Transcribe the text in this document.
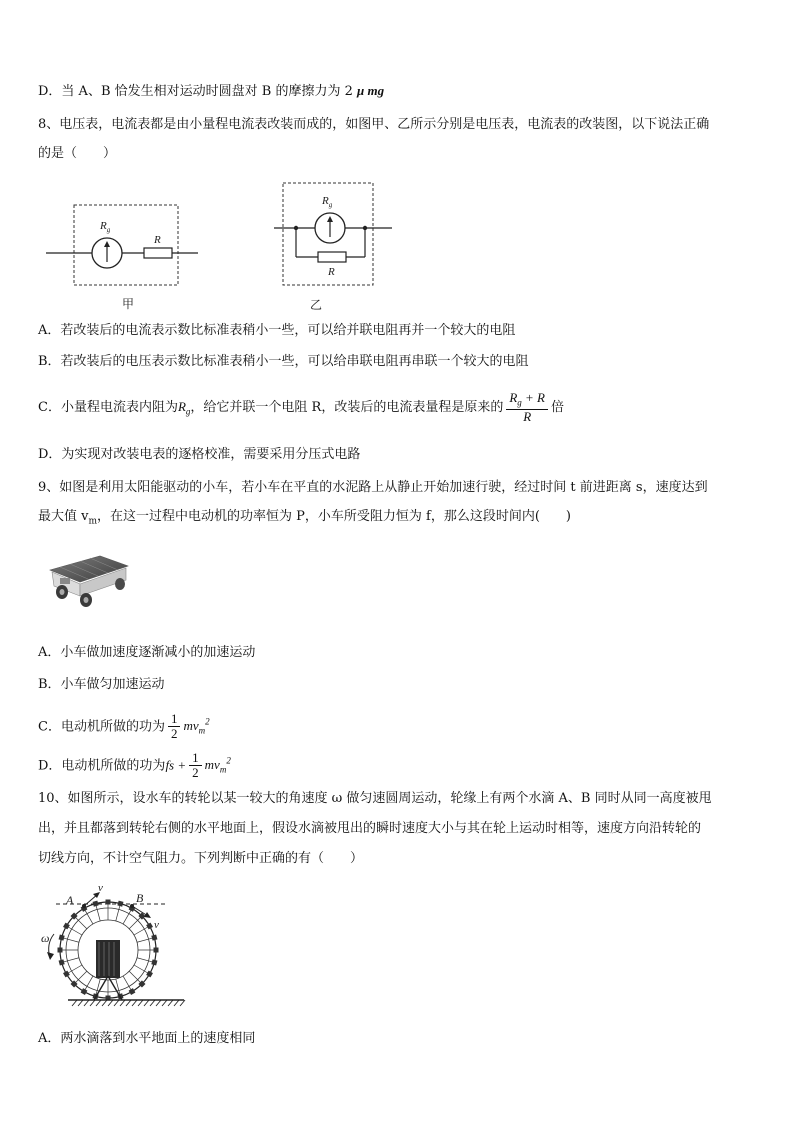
D．当 A、B 恰发生相对运动时圆盘对 B 的摩擦力为 2 μ mg
8、电压表，电流表都是由小量程电流表改装而成的，如图甲、乙所示分别是电压表，电流表的改装图，以下说法正确
的是（　　）
$R_g$
R
甲
$R_g$
R
乙
A．若改装后的电流表示数比标准表稍小一些，可以给并联电阻再并一个较大的电阻
B．若改装后的电压表示数比标准表稍小一些，可以给串联电阻再串联一个较大的电阻
C．小量程电流表内阻为$R_g$，给它并联一个电阻 R，改装后的电流表量程是原来的 $\frac{R_g + R}{R}$ 倍
D．为实现对改装电表的逐格校准，需要采用分压式电路
9、如图是利用太阳能驱动的小车，若小车在平直的水泥路上从静止开始加速行驶，经过时间 t 前进距离 s，速度达到
最大值 $v_m$，在这一过程中电动机的功率恒为 P，小车所受阻力恒为 f，那么这段时间内(　　)
A．小车做加速度逐渐减小的加速运动
B．小车做匀加速运动
C．电动机所做的功为 $\frac{1}{2} mv_m^2$
D．电动机所做的功为fs + $\frac{1}{2} mv_m^2$
10、如图所示，设水车的转轮以某一较大的角速度 ω 做匀速圆周运动，轮缘上有两个水滴 A、B 同时从同一高度被甩
出，并且都落到转轮右侧的水平地面上，假设水滴被甩出的瞬时速度大小与其在轮上运动时相等，速度方向沿转轮的
切线方向，不计空气阻力。下列判断中正确的有（　　）
A	B
v
v
ω
A．两水滴落到水平地面上的速度相同
